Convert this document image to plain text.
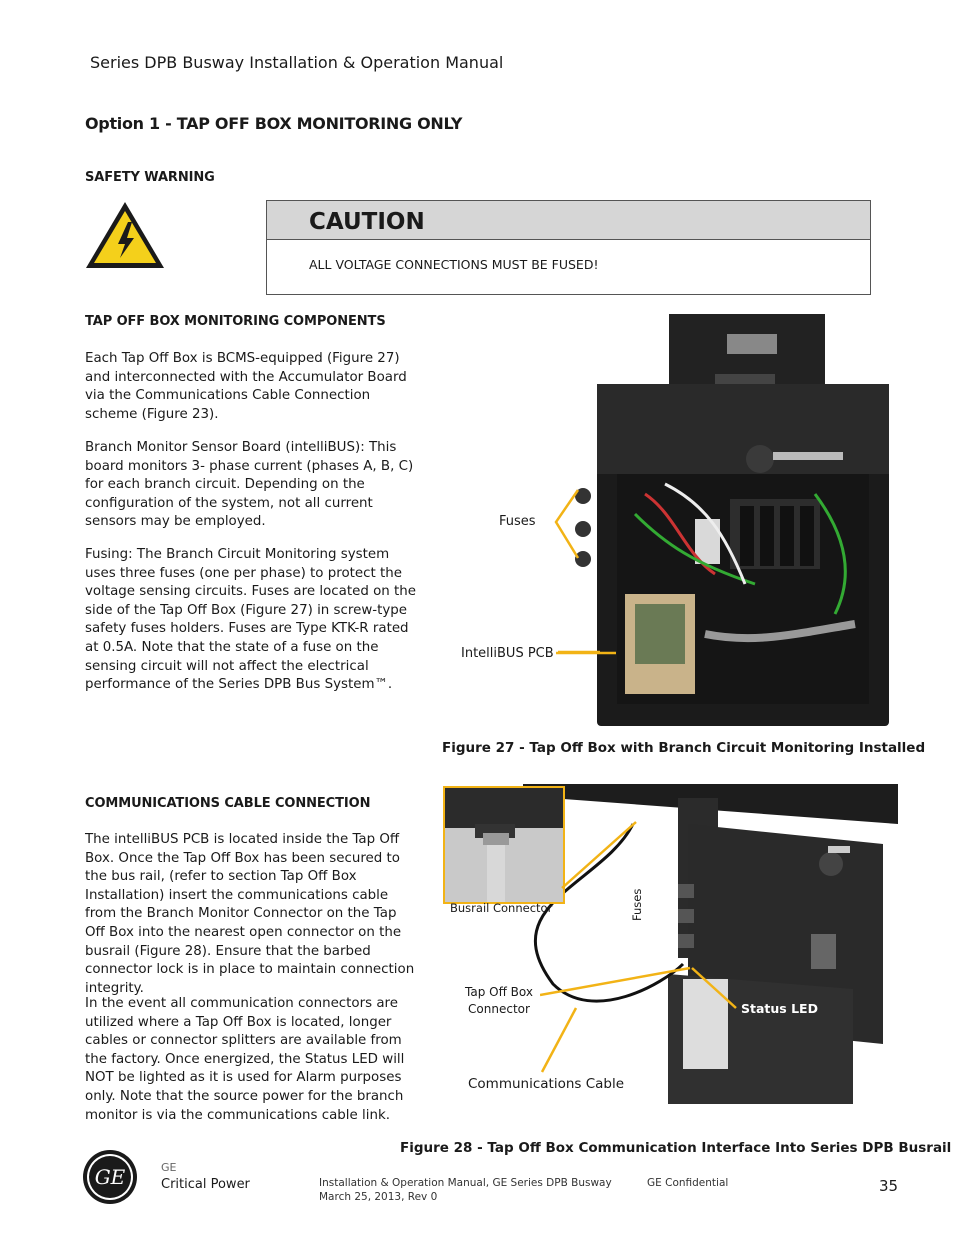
Series DPB Busway Installation & Operation Manual
Option 1 - TAP OFF BOX MONITORING ONLY
SAFETY WARNING
CAUTION
ALL VOLTAGE CONNECTIONS MUST BE FUSED!
TAP OFF BOX MONITORING COMPONENTS
Each Tap Off Box is BCMS-equipped (Figure 27) and interconnected with the Accumulator Board via the Communications Cable Connection scheme (Figure 23).
Branch Monitor Sensor Board (intelliBUS): This board monitors 3- phase current (phases A, B, C) for each branch circuit. Depending on the configuration of the system, not all current sensors may be employed.
Fusing: The Branch Circuit Monitoring system uses three fuses (one per phase) to protect the voltage sensing circuits. Fuses are located on the side of the Tap Off Box (Figure 27) in screw-type safety fuses holders. Fuses are Type KTK-R rated at 0.5A. Note that the state of a fuse on the sensing circuit will not affect the electrical performance of the Series DPB Bus System™.
Fuses
IntelliBUS PCB
Figure 27 - Tap Off Box with Branch Circuit Monitoring Installed
COMMUNICATIONS CABLE CONNECTION
The intelliBUS PCB is located inside the Tap Off Box. Once the Tap Off Box has been secured to the bus rail, (refer to section Tap Off Box Installation) insert the communications cable from the Branch Monitor Connector on the Tap Off Box into the nearest open connector on the busrail (Figure 28). Ensure that the barbed connector lock is in place to maintain connection integrity.
In the event all communication connectors are utilized where a Tap Off Box is located, longer cables or connector splitters are available from the factory. Once energized, the Status LED will NOT be lighted as it is used for Alarm purposes only. Note that the source power for the branch monitor is via the communications cable link.
Busrail Connector	Fuses
Tap Off Box
Connector	Status LED
Communications Cable
Figure 28 - Tap Off Box Communication Interface Into Series DPB Busrail
GE	GE
Critical Power	Installation & Operation Manual, GE Series DPB Busway
March 25, 2013, Rev 0
GE Confidential	35
